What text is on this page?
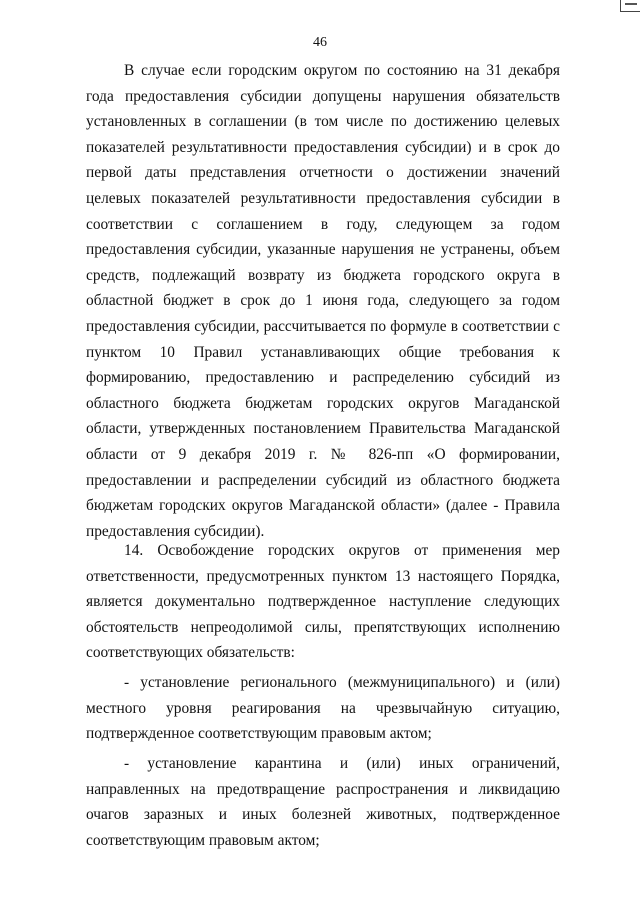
46

В случае если городским округом по состоянию на 31 декабря года предоставления субсидии допущены нарушения обязательств установленных в соглашении (в том числе по достижению целевых показателей результативности предоставления субсидии) и в срок до первой даты представления отчетности о достижении значений целевых показателей результативности предоставления субсидии в соответствии с соглашением в году, следующем за годом предоставления субсидии, указанные нарушения не устранены, объем средств, подлежащий возврату из бюджета городского округа в областной бюджет в срок до 1 июня года, следующего за годом предоставления субсидии, рассчитывается по формуле в соответствии с пунктом 10 Правил устанавливающих общие требования к формированию, предоставлению и распределению субсидий из областного бюджета бюджетам городских округов Магаданской области, утвержденных постановлением Правительства Магаданской области от 9 декабря 2019 г. № 826-пп «О формировании, предоставлении и распределении субсидий из областного бюджета бюджетам городских округов Магаданской области» (далее - Правила предоставления субсидии).

14. Освобождение городских округов от применения мер ответственности, предусмотренных пунктом 13 настоящего Порядка, является документально подтвержденное наступление следующих обстоятельств непреодолимой силы, препятствующих исполнению соответствующих обязательств:

- установление регионального (межмуниципального) и (или) местного уровня реагирования на чрезвычайную ситуацию, подтвержденное соответствующим правовым актом;

- установление карантина и (или) иных ограничений, направленных на предотвращение распространения и ликвидацию очагов заразных и иных болезней животных, подтвержденное соответствующим правовым актом;
